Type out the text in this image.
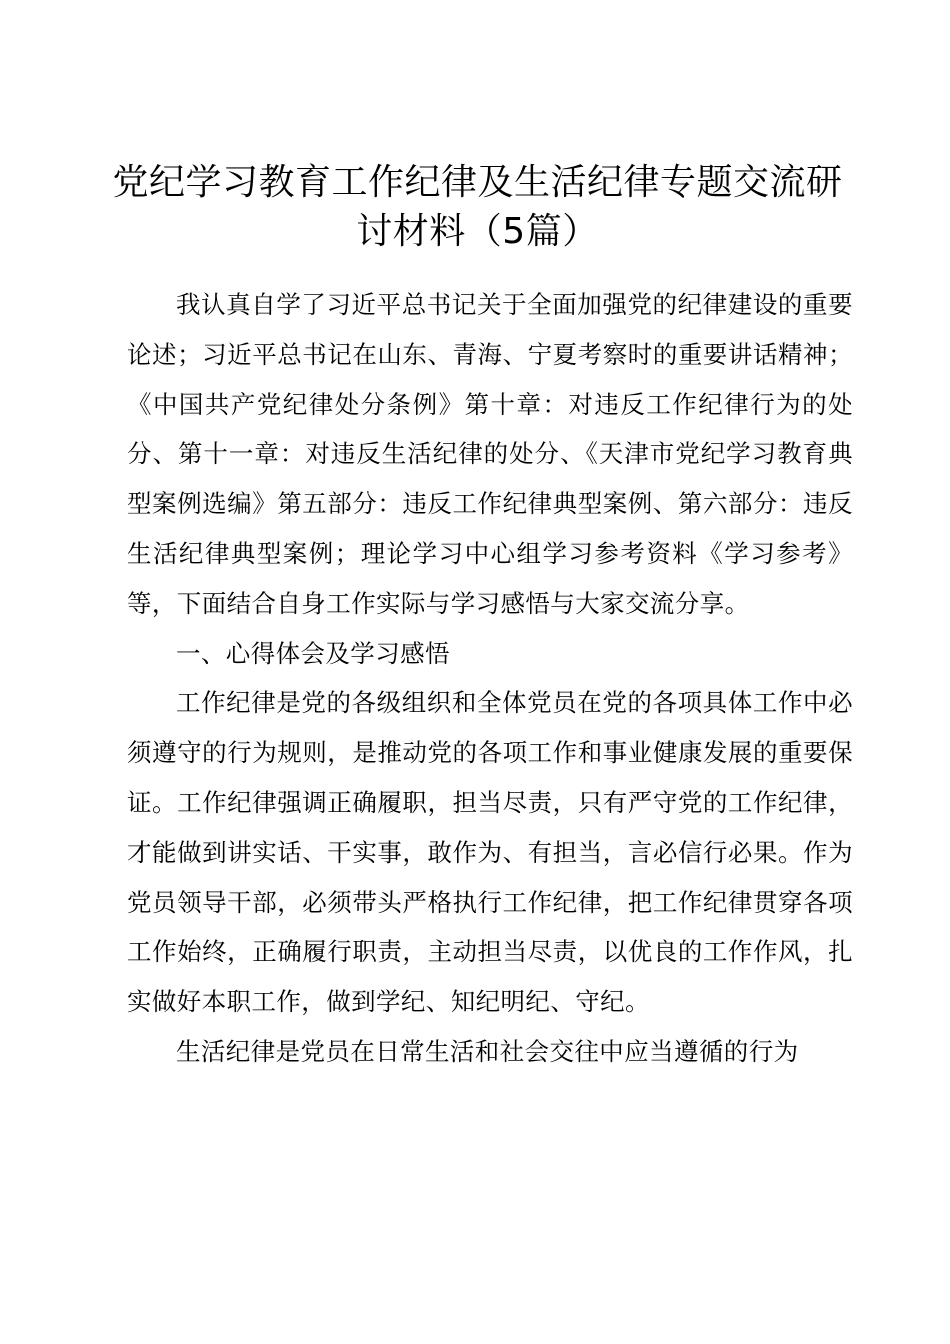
党纪学习教育工作纪律及生活纪律专题交流研讨材料（5篇）

我认真自学了习近平总书记关于全面加强党的纪律建设的重要论述；习近平总书记在山东、青海、宁夏考察时的重要讲话精神；《中国共产党纪律处分条例》第十章：对违反工作纪律行为的处分、第十一章：对违反生活纪律的处分、《天津市党纪学习教育典型案例选编》第五部分：违反工作纪律典型案例、第六部分：违反生活纪律典型案例；理论学习中心组学习参考资料《学习参考》等，下面结合自身工作实际与学习感悟与大家交流分享。

一、心得体会及学习感悟

工作纪律是党的各级组织和全体党员在党的各项具体工作中必须遵守的行为规则，是推动党的各项工作和事业健康发展的重要保证。工作纪律强调正确履职，担当尽责，只有严守党的工作纪律，才能做到讲实话、干实事，敢作为、有担当，言必信行必果。作为党员领导干部，必须带头严格执行工作纪律，把工作纪律贯穿各项工作始终，正确履行职责，主动担当尽责，以优良的工作作风，扎实做好本职工作，做到学纪、知纪明纪、守纪。

生活纪律是党员在日常生活和社会交往中应当遵循的行为
